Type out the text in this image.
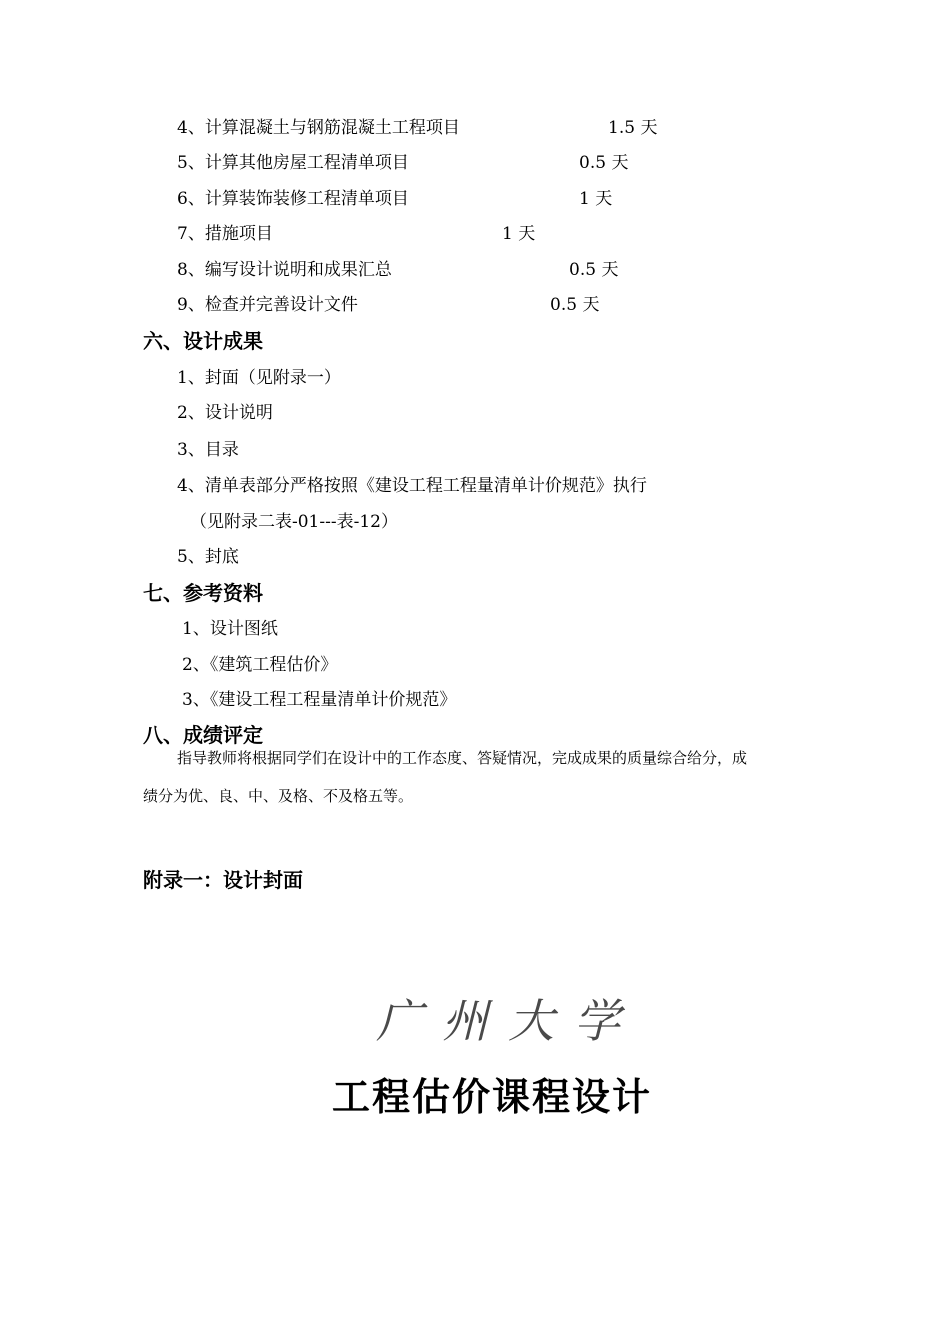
4、计算混凝土与钢筋混凝土工程项目	1.5 天
5、计算其他房屋工程清单项目	0.5 天
6、计算装饰装修工程清单项目	1 天
7、措施项目	1 天
8、编写设计说明和成果汇总	0.5 天
9、检查并完善设计文件	0.5 天
六、设计成果
1、封面（见附录一）
2、设计说明
3、目录
4、清单表部分严格按照《建设工程工程量清单计价规范》执行
（见附录二表-01---表-12）
5、封底
七、参考资料
1、设计图纸
2、《建筑工程估价》
3、《建设工程工程量清单计价规范》
八、成绩评定
指导教师将根据同学们在设计中的工作态度、答疑情况，完成成果的质量综合给分，成
绩分为优、良、中、及格、不及格五等。
附录一：设计封面
广州大学
工程估价课程设计
